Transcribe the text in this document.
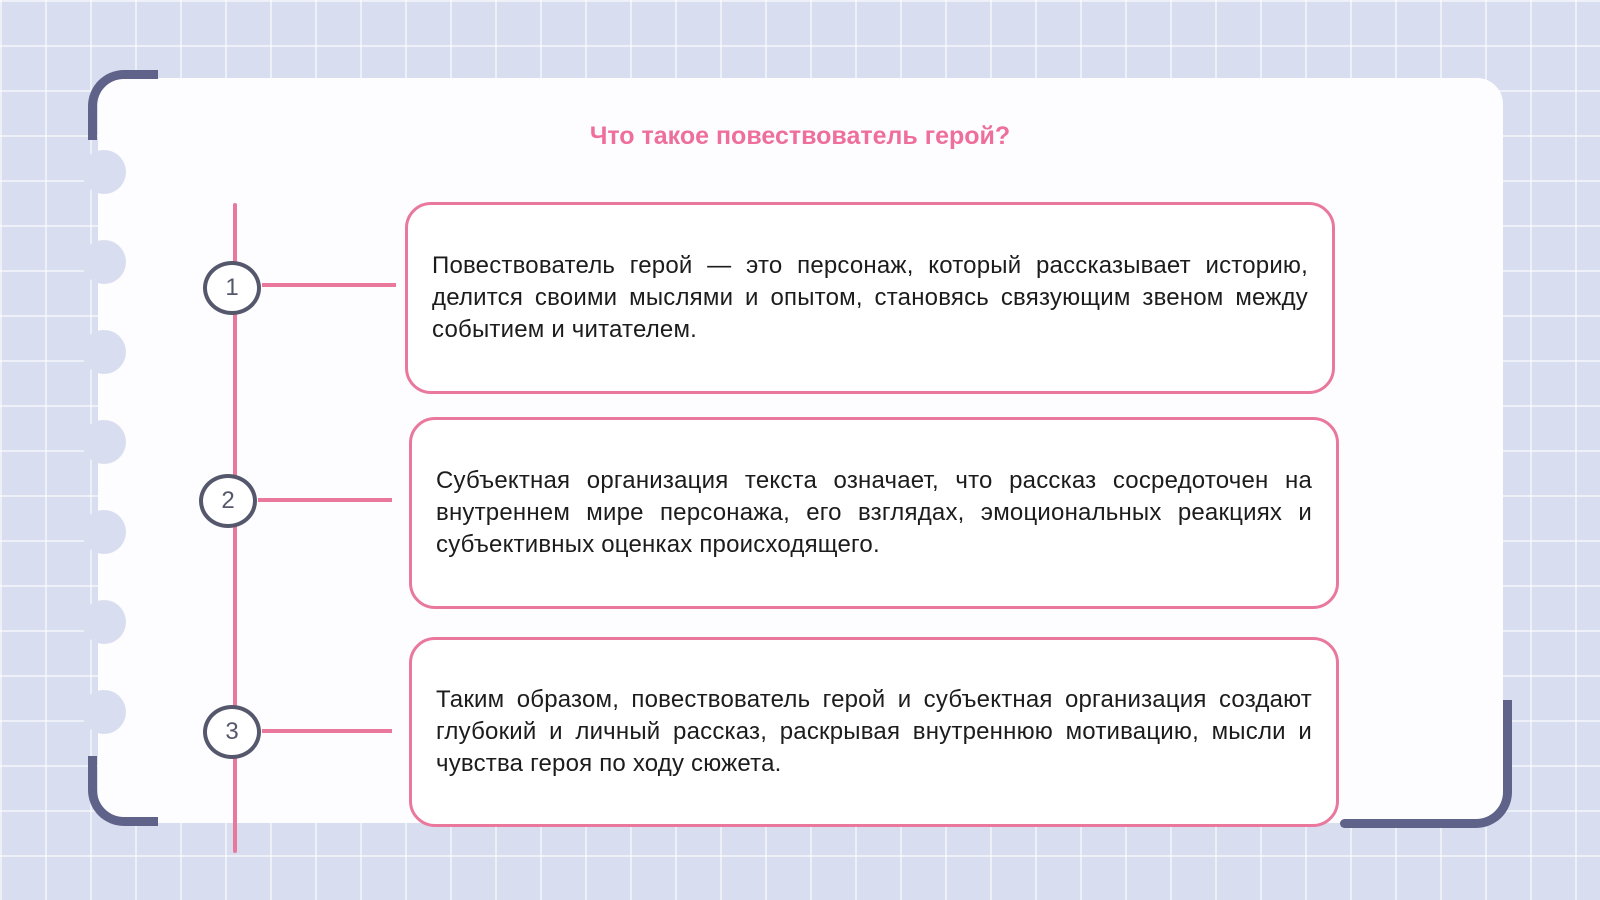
Что такое повествователь герой?
1

Повествователь герой — это персонаж, который рассказывает историю, делится своими мыслями и опытом, становясь связующим звеном между событием и читателем.

2

Субъектная организация текста означает, что рассказ сосредоточен на внутреннем мире персонажа, его взглядах, эмоциональных реакциях и субъективных оценках происходящего.

3

Таким образом, повествователь герой и субъектная организация создают глубокий и личный рассказ, раскрывая внутреннюю мотивацию, мысли и чувства героя по ходу сюжета.
